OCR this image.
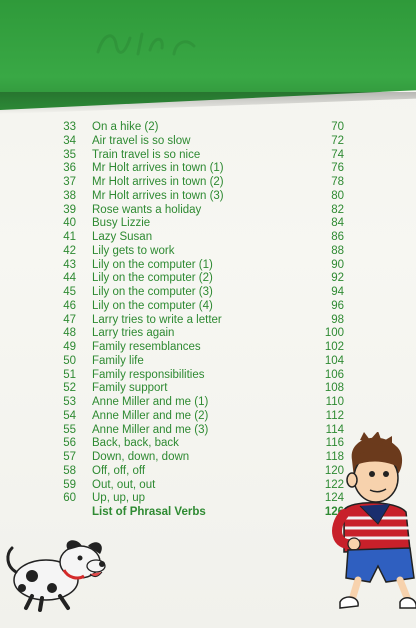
33 On a hike (2)	70
34 Air travel is so slow	72
35 Train travel is so nice	74
36 Mr Holt arrives in town (1)	76
37 Mr Holt arrives in town (2)	78
38 Mr Holt arrives in town (3)	80
39 Rose wants a holiday	82
40 Busy Lizzie	84
41 Lazy Susan	86
42 Lily gets to work	88
43 Lily on the computer (1)	90
44 Lily on the computer (2)	92
45 Lily on the computer (3)	94
46 Lily on the computer (4)	96
47 Larry tries to write a letter	98
48 Larry tries again	100
49 Family resemblances	102
50 Family life	104
51 Family responsibilities	106
52 Family support	108
53 Anne Miller and me (1)	110
54 Anne Miller and me (2)	112
55 Anne Miller and me (3)	114
56 Back, back, back	116
57 Down, down, down	118
58 Off, off, off	120
59 Out, out, out	122
60 Up, up, up	124
List of Phrasal Verbs	126
